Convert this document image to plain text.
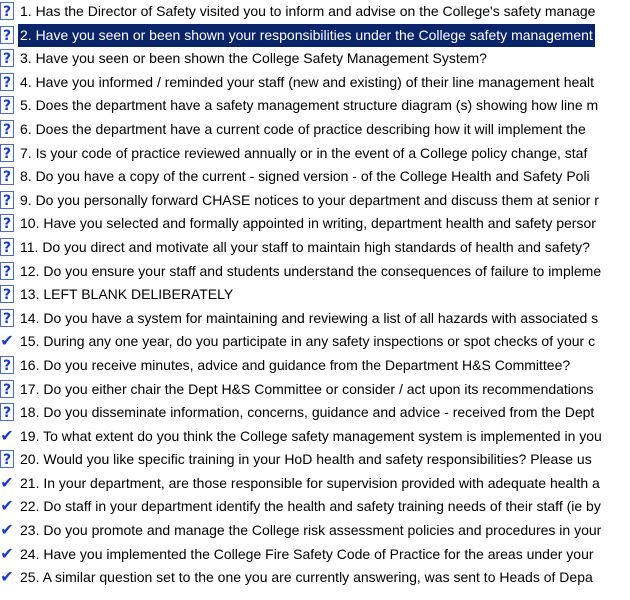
? 1. Has the Director of Safety visited you to inform and advise on the College's safety manage
? 2. Have you seen or been shown your responsibilities under the College safety management
? 3. Have you seen or been shown the College Safety Management System?
? 4. Have you informed / reminded your staff (new and existing) of their line management healt
? 5. Does the department have a safety management structure diagram (s) showing how line m
? 6. Does the department have a current code of practice describing how it will implement the
? 7. Is your code of practice reviewed annually or in the event of a College policy change, staf
? 8. Do you have a copy of the current - signed version - of the College Health and Safety Poli
? 9. Do you personally forward CHASE notices to your department and discuss them at senior r
? 10. Have you selected and formally appointed in writing, department health and safety persor
? 11. Do you direct and motivate all your staff to maintain high standards of health and safety?
? 12. Do you ensure your staff and students understand the consequences of failure to impleme
? 13. LEFT BLANK DELIBERATELY
? 14. Do you have a system for maintaining and reviewing a list of all hazards with associated s
✔ 15. During any one year, do you participate in any safety inspections or spot checks of your c
? 16. Do you receive minutes, advice and guidance from the Department H&S Committee?
? 17. Do you either chair the Dept H&S Committee or consider / act upon its recommendations
? 18. Do you disseminate information, concerns, guidance and advice - received from the Dept
✔ 19. To what extent do you think the College safety management system is implemented in you
? 20. Would you like specific training in your HoD health and safety responsibilities? Please us
✔ 21. In your department, are those responsible for supervision provided with adequate health a
✔ 22. Do staff in your department identify the health and safety training needs of their staff (ie by
✔ 23. Do you promote and manage the College risk assessment policies and procedures in your
✔ 24. Have you implemented the College Fire Safety Code of Practice for the areas under your
✔ 25. A similar question set to the one you are currently answering, was sent to Heads of Depa
